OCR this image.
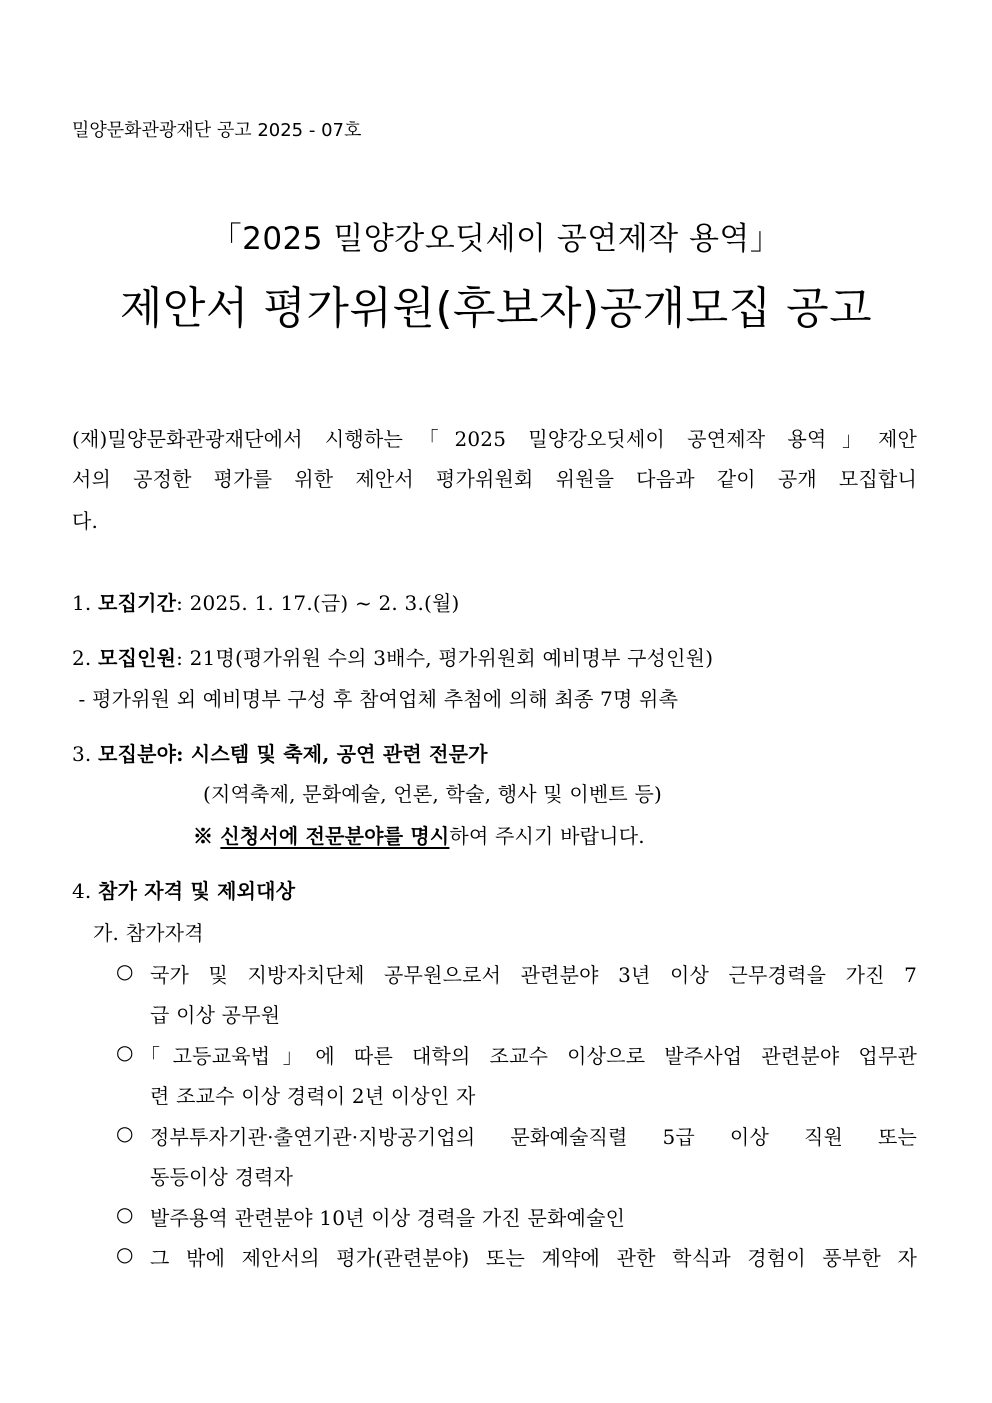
밀양문화관광재단 공고 2025 - 07호
「2025 밀양강오딧세이 공연제작 용역」
제안서 평가위원(후보자)공개모집 공고
(재)밀양문화관광재단에서 시행하는「2025 밀양강오딧세이 공연제작 용역」제안
서의 공정한 평가를 위한 제안서 평가위원회 위원을 다음과 같이 공개 모집합니
다.
1. 모집기간: 2025. 1. 17.(금) ~ 2. 3.(월)
2. 모집인원: 21명(평가위원 수의 3배수, 평가위원회 예비명부 구성인원)
- 평가위원 외 예비명부 구성 후 참여업체 추첨에 의해 최종 7명 위촉
3. 모집분야: 시스템 및 축제, 공연 관련 전문가
(지역축제, 문화예술, 언론, 학술, 행사 및 이벤트 등)
※ 신청서에 전문분야를 명시하여 주시기 바랍니다.
4. 참가 자격 및 제외대상
가. 참가자격
○ 국가 및 지방자치단체 공무원으로서 관련분야 3년 이상 근무경력을 가진 7
급 이상 공무원
○ 「고등교육법」에 따른 대학의 조교수 이상으로 발주사업 관련분야 업무관
련 조교수 이상 경력이 2년 이상인 자
○ 정부투자기관·출연기관·지방공기업의 문화예술직렬 5급 이상 직원 또는
동등이상 경력자
○ 발주용역 관련분야 10년 이상 경력을 가진 문화예술인
○ 그 밖에 제안서의 평가(관련분야) 또는 계약에 관한 학식과 경험이 풍부한 자
